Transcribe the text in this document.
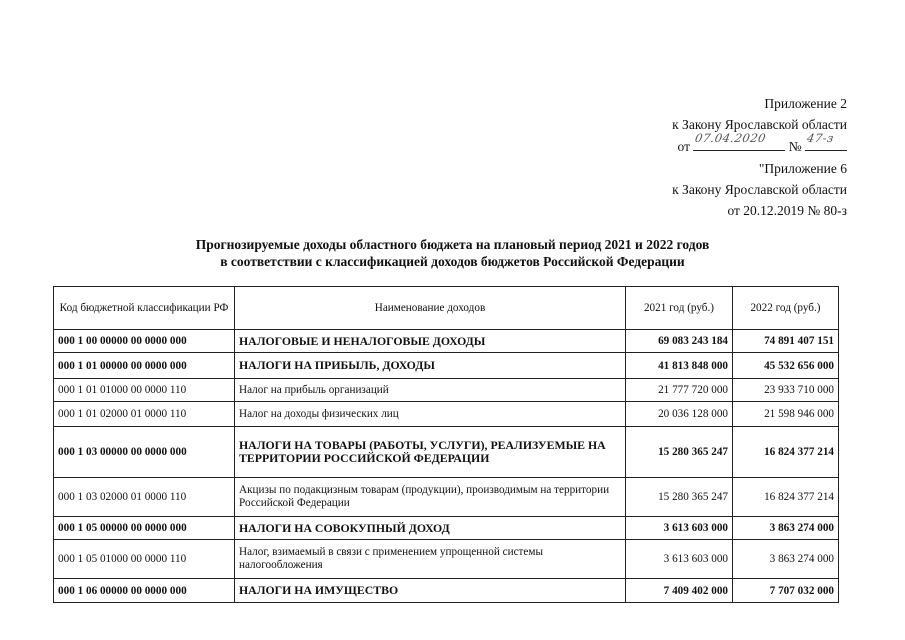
Приложение 2
к Закону Ярославской области
от
07.04.2020
№
47-з
"Приложение 6
к Закону Ярославской области
от 20.12.2019 № 80-з
Прогнозируемые доходы областного бюджета на плановый период 2021 и 2022 годов
в соответствии с классификацией доходов бюджетов Российской Федерации
Код бюджетной классификации РФ	Наименование доходов	2021 год (руб.)	2022 год (руб.)
000 1 00 00000 00 0000 000	НАЛОГОВЫЕ И НЕНАЛОГОВЫЕ ДОХОДЫ	69 083 243 184	74 891 407 151
000 1 01 00000 00 0000 000	НАЛОГИ НА ПРИБЫЛЬ, ДОХОДЫ	41 813 848 000	45 532 656 000
000 1 01 01000 00 0000 110	Налог на прибыль организаций	21 777 720 000	23 933 710 000
000 1 01 02000 01 0000 110	Налог на доходы физических лиц	20 036 128 000	21 598 946 000
000 1 03 00000 00 0000 000	НАЛОГИ НА ТОВАРЫ (РАБОТЫ, УСЛУГИ), РЕАЛИЗУЕМЫЕ НА ТЕРРИТОРИИ РОССИЙСКОЙ ФЕДЕРАЦИИ	15 280 365 247	16 824 377 214
000 1 03 02000 01 0000 110	Акцизы по подакцизным товарам (продукции), производимым на территории Российской Федерации	15 280 365 247	16 824 377 214
000 1 05 00000 00 0000 000	НАЛОГИ НА СОВОКУПНЫЙ ДОХОД	3 613 603 000	3 863 274 000
000 1 05 01000 00 0000 110	Налог, взимаемый в связи с применением упрощенной системы налогообложения	3 613 603 000	3 863 274 000
000 1 06 00000 00 0000 000	НАЛОГИ НА ИМУЩЕСТВО	7 409 402 000	7 707 032 000
